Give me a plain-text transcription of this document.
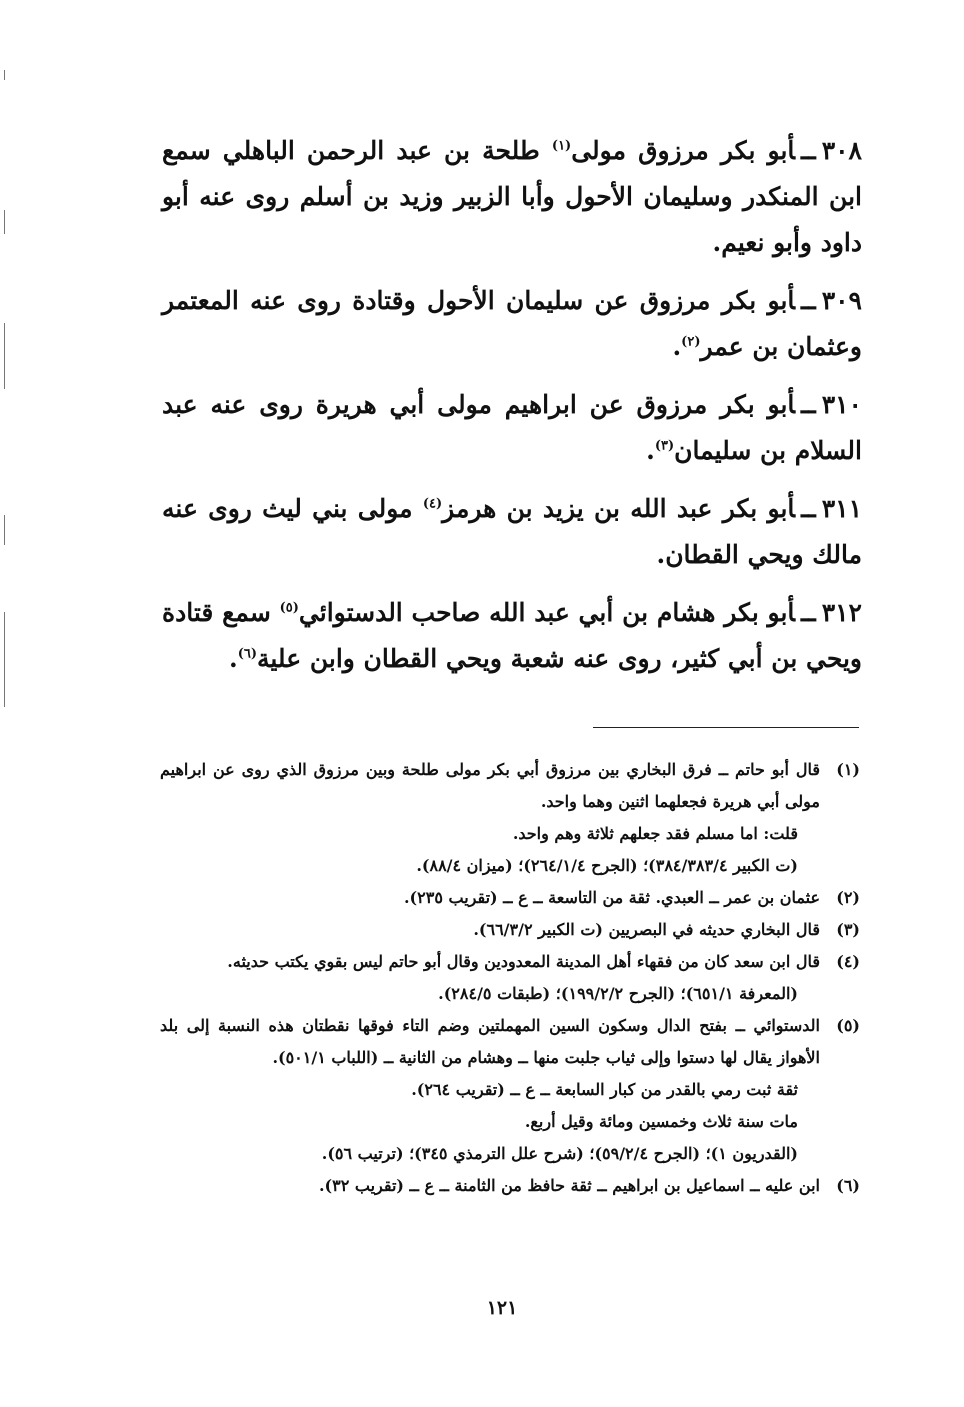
٣٠٨ــأبو بكر مرزوق مولى$^{(١)}$ طلحة بن عبد الرحمن الباهلي سمع ابن المنكدر وسليمان الأحول وأبا الزبير وزيد بن أسلم روى عنه أبو داود وأبو نعيم.
٣٠٩ــأبو بكر مرزوق عن سليمان الأحول وقتادة روى عنه المعتمر وعثمان بن عمر$^{(٢)}$.
٣١٠ــأبو بكر مرزوق عن ابراهيم مولى أبي هريرة روى عنه عبد السلام بن سليمان$^{(٣)}$.
٣١١ــأبو بكر عبد الله بن يزيد بن هرمز$^{(٤)}$ مولى بني ليث روى عنه مالك ويحي القطان.
٣١٢ــأبو بكر هشام بن أبي عبد الله صاحب الدستوائي$^{(٥)}$ سمع قتادة ويحي بن أبي كثير، روى عنه شعبة ويحي القطان وابن علية$^{(٦)}$.
(١)
قال أبو حاتم ــ فرق البخاري بين مرزوق أبي بكر مولى طلحة وبين مرزوق الذي روى عن ابراهيم مولى أبي هريرة فجعلهما اثنين وهما واحد.
قلت: اما مسلم فقد جعلهم ثلاثة وهم واحد.
(ت الكبير ٣٨٤/٣٨٣/٤)؛ (الجرح ٢٦٤/١/٤)؛ (ميزان ٨٨/٤).
(٢)
عثمان بن عمر ــ العبدي. ثقة من التاسعة ــ ع ــ (تقريب ٢٣٥).
(٣)
قال البخاري حديثه في البصريين (ت الكبير ٦٦/٣/٢).
(٤)
قال ابن سعد كان من فقهاء أهل المدينة المعدودين وقال أبو حاتم ليس بقوي يكتب حديثه.
(المعرفة ٦٥١/١)؛ (الجرح ١٩٩/٢/٢)؛ (طبقات ٢٨٤/٥).
(٥)
الدستوائي ــ بفتح الدال وسكون السين المهملتين وضم التاء فوقها نقطتان هذه النسبة إلى بلد الأهواز يقال لها دستوا وإلى ثياب جلبت منها ــ وهشام من الثانية ــ (اللباب ٥٠١/١).
ثقة ثبت رمي بالقدر من كبار السابعة ــ ع ــ (تقريب ٢٦٤).
مات سنة ثلاث وخمسين ومائة وقيل أربع.
(القدريون ١)؛ (الجرح ٥٩/٢/٤)؛ (شرح علل الترمذي ٣٤٥)؛ (ترتيب ٥٦).
(٦)
ابن عليه ــ اسماعيل بن ابراهيم ــ ثقة حافظ من الثامنة ــ ع ــ (تقريب ٣٢).
١٢١
